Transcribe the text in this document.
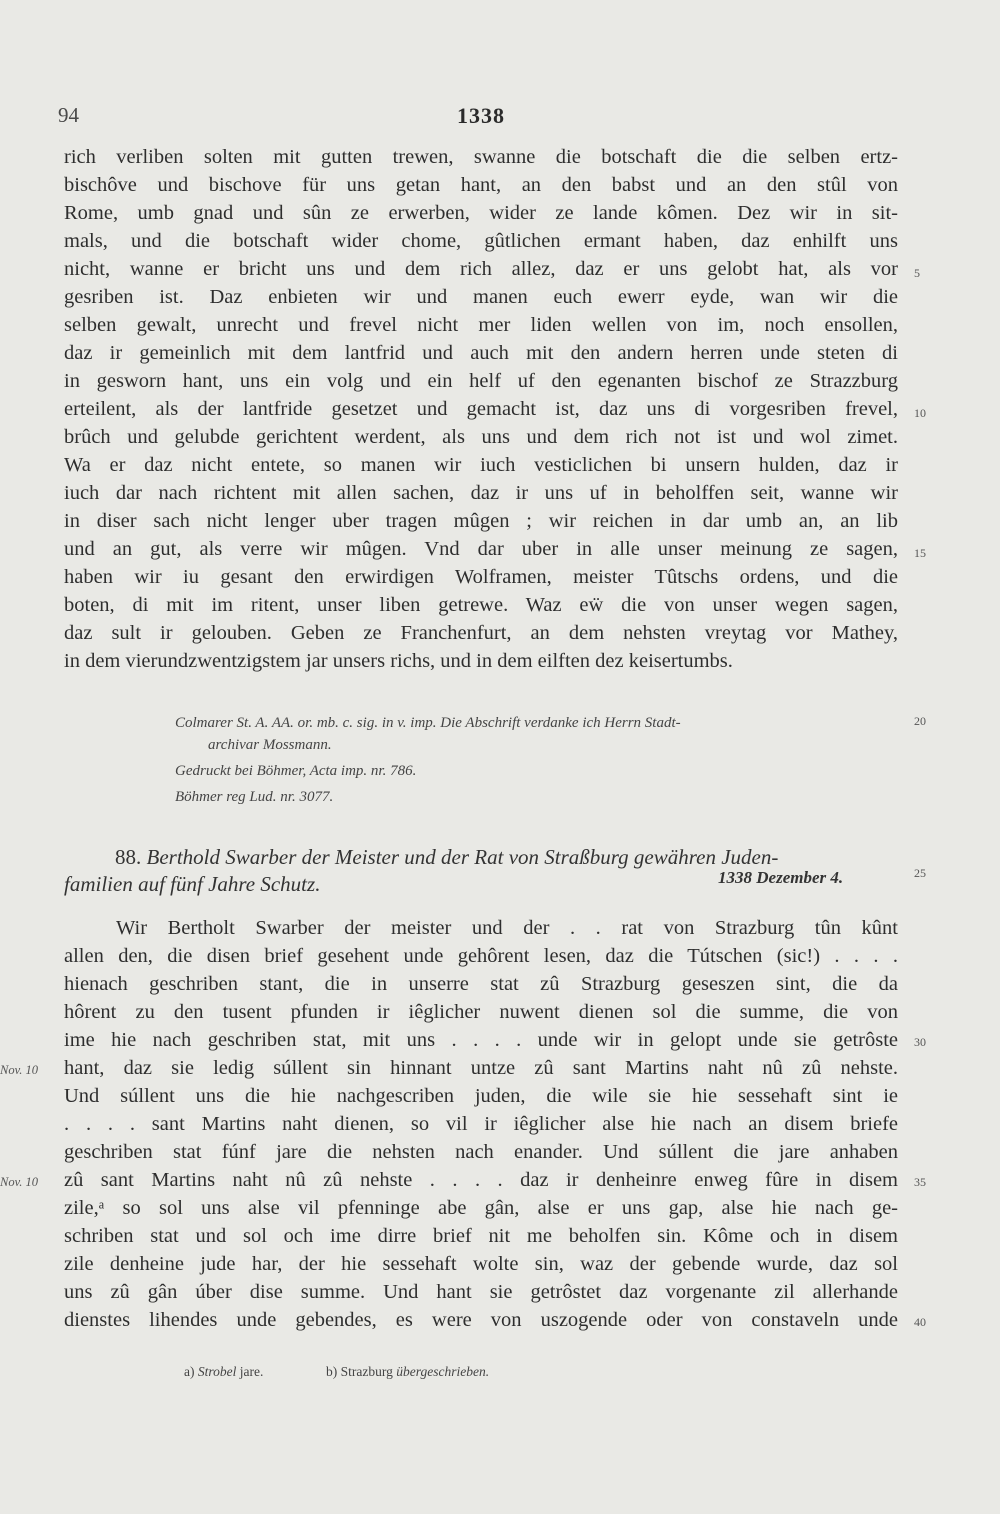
94	1338
rich verliben solten mit gutten trewen, swanne die botschaft die die selben ertz-
bischôve und bischove für uns getan hant, an den babst und an den stûl von
Rome, umb gnad und sûn ze erwerben, wider ze lande kômen. Dez wir in sit-
mals, und die botschaft wider chome, gûtlichen ermant haben, daz enhilft uns
nicht, wanne er bricht uns und dem rich allez, daz er uns gelobt hat, als vor
gesriben ist. Daz enbieten wir und manen euch ewerr eyde, wan wir die
selben gewalt, unrecht und frevel nicht mer liden wellen von im, noch ensollen,
daz ir gemeinlich mit dem lantfrid und auch mit den andern herren unde steten di
in gesworn hant, uns ein volg und ein helf uf den egenanten bischof ze Strazzburg
erteilent, als der lantfride gesetzet und gemacht ist, daz uns di vorgesriben frevel,
brûch und gelubde gerichtent werdent, als uns und dem rich not ist und wol zimet.
Wa er daz nicht entete, so manen wir iuch vesticlichen bi unsern hulden, daz ir
iuch dar nach richtent mit allen sachen, daz ir uns uf in beholffen seit, wanne wir
in diser sach nicht lenger uber tragen mûgen ; wir reichen in dar umb an, an lib
und an gut, als verre wir mûgen. Vnd dar uber in alle unser meinung ze sagen,
haben wir iu gesant den erwirdigen Wolframen, meister Tûtschs ordens, und die
boten, di mit im ritent, unser liben getrewe. Waz eẅ die von unser wegen sagen,
daz sult ir gelouben. Geben ze Franchenfurt, an dem nehsten vreytag vor Mathey,
in dem vierundzwentzigstem jar unsers richs, und in dem eilften dez keisertumbs.
5
10
15
20
25
Colmarer St. A. AA. or. mb. c. sig. in v. imp. Die Abschrift verdanke ich Herrn Stadt-
archivar Mossmann.
Gedruckt bei Böhmer, Acta imp. nr. 786.
Böhmer reg Lud. nr. 3077.
88. Berthold Swarber der Meister und der Rat von Straßburg gewähren Juden-
familien auf fünf Jahre Schutz.	1338 Dezember 4.
Wir Bertholt Swarber der meister und der . . rat von Strazburg tûn kûnt
allen den, die disen brief gesehent unde gehôrent lesen, daz die Tútschen (sic!) . . . .
hienach geschriben stant, die in unserre stat zû Strazburg geseszen sint, die da
hôrent zu den tusent pfunden ir iêglicher nuwent dienen sol die summe, die von
ime hie nach geschriben stat, mit uns . . . . unde wir in gelopt unde sie getrôste
hant, daz sie ledig súllent sin hinnant untze zû sant Martins naht nû zû nehste.
Und súllent uns die hie nachgescriben juden, die wile sie hie sessehaft sint ie
. . . . sant Martins naht dienen, so vil ir iêglicher alse hie nach an disem briefe
geschriben stat fúnf jare die nehsten nach enander. Und súllent die jare anhaben
zû sant Martins naht nû zû nehste . . . . daz ir denheinre enweg fûre in disem
zile,ᵃ so sol uns alse vil pfenninge abe gân, alse er uns gap, alse hie nach ge-
schriben stat und sol och ime dirre brief nit me beholfen sin. Kôme och in disem
zile denheine jude har, der hie sessehaft wolte sin, waz der gebende wurde, daz sol
uns zû gân úber dise summe. Und hant sie getrôstet daz vorgenante zil allerhande
dienstes lihendes unde gebendes, es were von uszogende oder von constaveln unde
30
35
40
Nov. 10
Nov. 10
a) Strobel jare.	b) Strazburg übergeschrieben.
